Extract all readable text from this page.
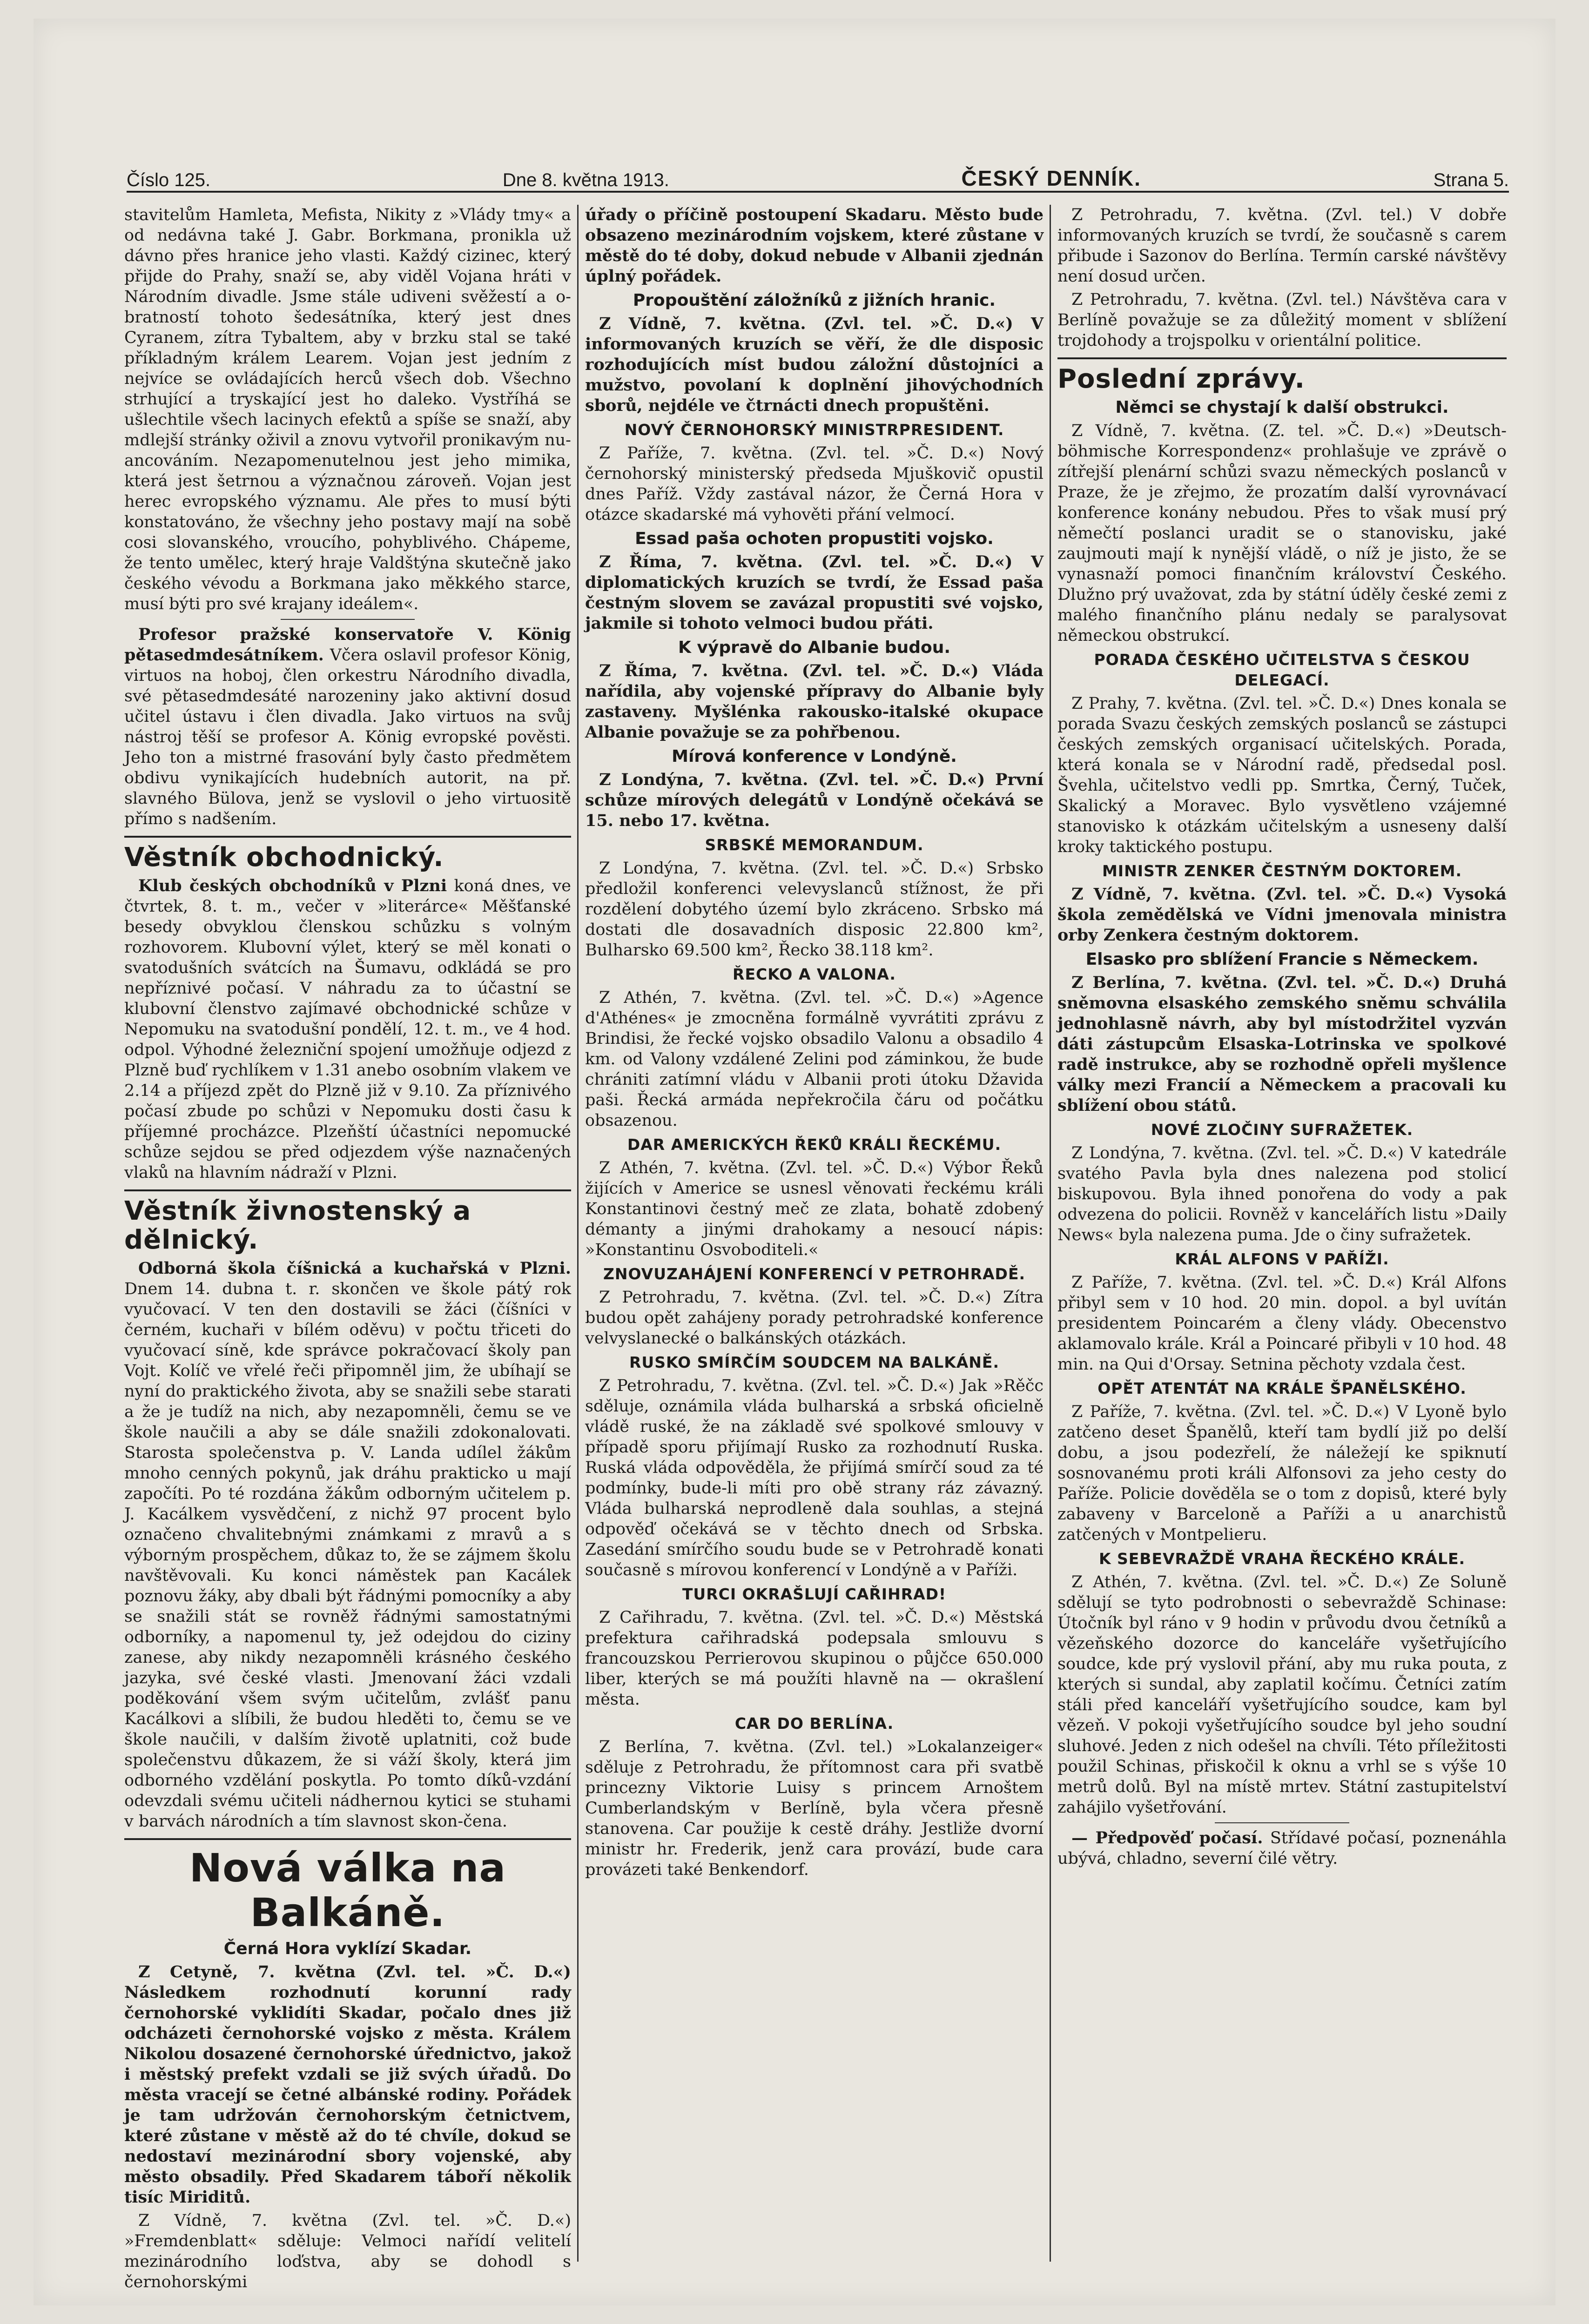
Číslo 125.	Dne 8. května 1913.	ČESKÝ DENNÍK.	Strana 5.

stavitelům Hamleta, Mefista, Nikity z »Vlády tmy« a od nedávna také J. Gabr. Borkmana, pronikla už dávno přes hranice jeho vlasti. Každý cizinec, který přijde do Prahy, snaží se, aby viděl Vojana hráti v Národním divadle. Jsme stále udiveni svěžestí a o-bratností tohoto šedesátníka, který jest dnes Cyranem, zítra Tybaltem, aby v brzku stal se také příkladným králem Learem. Vojan jest jedním z nejvíce se ovládajících herců všech dob. Všechno strhující a tryskající jest ho daleko. Vystříhá se ušlechtile všech lacinych efektů a spíše se snaží, aby mdlejší stránky oživil a znovu vytvořil pronikavým nu-ancováním. Nezapomenutelnou jest jeho mimika, která jest šetrnou a význačnou zároveň. Vojan jest herec evropského významu. Ale přes to musí býti konstatováno, že všechny jeho postavy mají na sobě cosi slovanského, vroucího, pohyblivého. Chápeme, že tento umělec, který hraje Valdštýna skutečně jako českého vévodu a Borkmana jako měkkého starce, musí býti pro své krajany ideálem«.

Profesor pražské konservatoře V. König pětasedmdesátníkem. Včera oslavil profesor König, virtuos na hoboj, člen orkestru Národního divadla, své pětasedmdesáté narozeniny jako aktivní dosud učitel ústavu i člen divadla. Jako virtuos na svůj nástroj těší se profesor A. König evropské pověsti. Jeho ton a mistrné frasování byly často předmětem obdivu vynikajících hudebních autorit, na př. slavného Bülova, jenž se vyslovil o jeho virtuositě přímo s nadšením.

Věstník obchodnický.

Klub českých obchodníků v Plzni koná dnes, ve čtvrtek, 8. t. m., večer v »literárce« Měšťanské besedy obvyklou členskou schůzku s volným rozhovorem. Klubovní výlet, který se měl konati o svatodušních svátcích na Šumavu, odkládá se pro nepříznivé počasí. V náhradu za to účastní se klubovní členstvo zajímavé obchodnické schůze v Nepomuku na svatodušní pondělí, 12. t. m., ve 4 hod. odpol. Výhodné železniční spojení umožňuje odjezd z Plzně buď rychlíkem v 1.31 anebo osobním vlakem ve 2.14 a příjezd zpět do Plzně již v 9.10. Za příznivého počasí zbude po schůzi v Nepomuku dosti času k příjemné procházce. Plzeňští účastníci nepomucké schůze sejdou se před odjezdem výše naznačených vlaků na hlavním nádraží v Plzni.

Věstník živnostenský a dělnický.

Odborná škola číšnická a kuchařská v Plzni. Dnem 14. dubna t. r. skončen ve škole pátý rok vyučovací. V ten den dostavili se žáci (číšníci v černém, kuchaři v bílém oděvu) v počtu třiceti do vyučovací síně, kde správce pokračovací školy pan Vojt. Kolíč ve vřelé řeči připomněl jim, že ubíhají se nyní do praktického života, aby se snažili sebe starati a že je tudíž na nich, aby nezapomněli, čemu se ve škole naučili a aby se dále snažili zdokonalovati. Starosta společenstva p. V. Landa udílel žákům mnoho cenných pokynů, jak dráhu prakticko u mají započíti. Po té rozdána žákům odborným učitelem p. J. Kacálkem vysvědčení, z nichž 97 procent bylo označeno chvalitebnými známkami z mravů a s výborným prospěchem, důkaz to, že se zájmem školu navštěvovali. Ku konci náměstek pan Kacálek poznovu žáky, aby dbali být řádnými pomocníky a aby se snažili stát se rovněž řádnými samostatnými odborníky, a napomenul ty, jež odejdou do ciziny zanese, aby nikdy nezapomněli krásného českého jazyka, své české vlasti. Jmenovaní žáci vzdali poděkování všem svým učitelům, zvlášť panu Kacálkovi a slíbili, že budou hleděti to, čemu se ve škole naučili, v dalším životě uplatniti, což bude společenstvu důkazem, že si váží školy, která jim odborného vzdělání poskytla. Po tomto díků-vzdání odevzdali svému učiteli nádhernou kytici se stuhami v barvách národních a tím slavnost skon-čena.

Nová válka na Balkáně.
Černá Hora vyklízí Skadar.

Z Cetyně, 7. května (Zvl. tel. »Č. D.«) Následkem rozhodnutí korunní rady černohorské vyklidíti Skadar, počalo dnes již odcházeti černohorské vojsko z města. Králem Nikolou dosazené černohorské úřednictvo, jakož i městský prefekt vzdali se již svých úřadů. Do města vracejí se četné albánské rodiny. Pořádek je tam udržován černohorským četnictvem, které zůstane v městě až do té chvíle, dokud se nedostaví mezinárodní sbory vojenské, aby město obsadily. Před Skadarem táboří několik tisíc Miriditů.

Z Vídně, 7. května (Zvl. tel. »Č. D.«) »Fremdenblatt« sděluje: Velmoci nařídí velitelí mezinárodního loďstva, aby se dohodl s černohorskými

úřady o příčině postoupení Skadaru. Město bude obsazeno mezinárodním vojskem, které zůstane v městě do té doby, dokud nebude v Albanii zjednán úplný pořádek.

Propouštění záložníků z jižních hranic.

Z Vídně, 7. května. (Zvl. tel. »Č. D.«) V informovaných kruzích se věří, že dle disposic rozhodujících míst budou záložní důstojníci a mužstvo, povolaní k doplnění jihovýchodních sborů, nejdéle ve čtrnácti dnech propuštěni.

NOVÝ ČERNOHORSKÝ MINISTRPRESIDENT.

Z Paříže, 7. května. (Zvl. tel. »Č. D.«) Nový černohorský ministerský předseda Mjuškovič opustil dnes Paříž. Vždy zastával názor, že Černá Hora v otázce skadarské má vyhověti přání velmocí.

Essad paša ochoten propustiti vojsko.

Z Říma, 7. května. (Zvl. tel. »Č. D.«) V diplomatických kruzích se tvrdí, že Essad paša čestným slovem se zavázal propustiti své vojsko, jakmile si tohoto velmoci budou přáti.

K výpravě do Albanie budou.

Z Říma, 7. května. (Zvl. tel. »Č. D.«) Vláda nařídila, aby vojenské přípravy do Albanie byly zastaveny. Myšlénka rakousko-italské okupace Albanie považuje se za pohřbenou.

Mírová konference v Londýně.

Z Londýna, 7. května. (Zvl. tel. »Č. D.«) První schůze mírových delegátů v Londýně očekává se 15. nebo 17. května.

SRBSKÉ MEMORANDUM.

Z Londýna, 7. května. (Zvl. tel. »Č. D.«) Srbsko předložil konferenci velevyslanců stížnost, že při rozdělení dobytého území bylo zkráceno. Srbsko má dostati dle dosavadních disposic 22.800 km², Bulharsko 69.500 km², Řecko 38.118 km².

ŘECKO A VALONA.

Z Athén, 7. května. (Zvl. tel. »Č. D.«) »Agence d'Athénes« je zmocněna formálně vyvrátiti zprávu z Brindisi, že řecké vojsko obsadilo Valonu a obsadilo 4 km. od Valony vzdálené Zelini pod záminkou, že bude chrániti zatímní vládu v Albanii proti útoku Džavida paši. Řecká armáda nepřekročila čáru od počátku obsazenou.

DAR AMERICKÝCH ŘEKŮ KRÁLI ŘECKÉMU.

Z Athén, 7. května. (Zvl. tel. »Č. D.«) Výbor Řeků žijících v Americe se usnesl věnovati řeckému králi Konstantinovi čestný meč ze zlata, bohatě zdobený démanty a jinými drahokamy a nesoucí nápis: »Konstantinu Osvoboditeli.«

ZNOVUZAHÁJENÍ KONFERENCÍ V PETROHRADĚ.

Z Petrohradu, 7. května. (Zvl. tel. »Č. D.«) Zítra budou opět zahájeny porady petrohradské konference velvyslanecké o balkánských otázkách.

RUSKO SMÍRČÍM SOUDCEM NA BALKÁNĚ.

Z Petrohradu, 7. května. (Zvl. tel. »Č. D.«) Jak »Rěčc sděluje, oznámila vláda bulharská a srbská oficielně vládě ruské, že na základě své spolkové smlouvy v případě sporu přijímají Rusko za rozhodnutí Ruska. Ruská vláda odpověděla, že přijímá smírčí soud za té podmínky, bude-li míti pro obě strany ráz závazný. Vláda bulharská neprodleně dala souhlas, a stejná odpověď očekává se v těchto dnech od Srbska. Zasedání smírčího soudu bude se v Petrohradě konati současně s mírovou konferencí v Londýně a v Paříži.

TURCI OKRAŠLUJÍ CAŘIHRAD!

Z Cařihradu, 7. května. (Zvl. tel. »Č. D.«) Městská prefektura cařihradská podepsala smlouvu s francouzskou Perrierovou skupinou o půjčce 650.000 liber, kterých se má použíti hlavně na — okrašlení města.

CAR DO BERLÍNA.

Z Berlína, 7. května. (Zvl. tel.) »Lokalanzeiger« sděluje z Petrohradu, že přítomnost cara při svatbě princezny Viktorie Luisy s princem Arnoštem Cumberlandským v Berlíně, byla včera přesně stanovena. Car použije k cestě dráhy. Jestliže dvorní ministr hr. Frederik, jenž cara provází, bude cara provázeti také Benkendorf.

Z Petrohradu, 7. května. (Zvl. tel.) V dobře informovaných kruzích se tvrdí, že současně s carem přibude i Sazonov do Berlína. Termín carské návštěvy není dosud určen.

Z Petrohradu, 7. května. (Zvl. tel.) Návštěva cara v Berlíně považuje se za důležitý moment v sblížení trojdohody a trojspolku v orientální politice.

Poslední zprávy.
Němci se chystají k další obstrukci.

Z Vídně, 7. května. (Z. tel. »Č. D.«) »Deutsch-böhmische Korrespondenz« prohlašuje ve zprávě o zítřejší plenární schůzi svazu německých poslanců v Praze, že je zřejmo, že prozatím další vyrovnávací konference konány nebudou. Přes to však musí prý němečtí poslanci uradit se o stanovisku, jaké zaujmouti mají k nynější vládě, o níž je jisto, že se vynasnaží pomoci finančním království Českého. Dlužno prý uvažovat, zda by státní úděly české zemi z malého finančního plánu nedaly se paralysovat německou obstrukcí.

PORADA ČESKÉHO UČITELSTVA S ČESKOU DELEGACÍ.

Z Prahy, 7. května. (Zvl. tel. »Č. D.«) Dnes konala se porada Svazu českých zemských poslanců se zástupci českých zemských organisací učitelských. Porada, která konala se v Národní radě, předsedal posl. Švehla, učitelstvo vedli pp. Smrtka, Černý, Tuček, Skalický a Moravec. Bylo vysvětleno vzájemné stanovisko k otázkám učitelským a usneseny další kroky taktického postupu.

MINISTR ZENKER ČESTNÝM DOKTOREM.

Z Vídně, 7. května. (Zvl. tel. »Č. D.«) Vysoká škola zemědělská ve Vídni jmenovala ministra orby Zenkera čestným doktorem.

Elsasko pro sblížení Francie s Německem.

Z Berlína, 7. května. (Zvl. tel. »Č. D.«) Druhá sněmovna elsaského zemského sněmu schválila jednohlasně návrh, aby byl místodržitel vyzván dáti zástupcům Elsaska-Lotrinska ve spolkové radě instrukce, aby se rozhodně opřeli myšlence války mezi Francií a Německem a pracovali ku sblížení obou států.

NOVÉ ZLOČINY SUFRAŽETEK.

Z Londýna, 7. května. (Zvl. tel. »Č. D.«) V katedrále svatého Pavla byla dnes nalezena pod stolicí biskupovou. Byla ihned ponořena do vody a pak odvezena do policii. Rovněž v kancelářích listu »Daily News« byla nalezena puma. Jde o činy sufražetek.

KRÁL ALFONS V PAŘÍŽI.

Z Paříže, 7. května. (Zvl. tel. »Č. D.«) Král Alfons přibyl sem v 10 hod. 20 min. dopol. a byl uvítán presidentem Poincarém a členy vlády. Obecenstvo aklamovalo krále. Král a Poincaré přibyli v 10 hod. 48 min. na Qui d'Orsay. Setnina pěchoty vzdala čest.

OPĚT ATENTÁT NA KRÁLE ŠPANĚLSKÉHO.

Z Paříže, 7. května. (Zvl. tel. »Č. D.«) V Lyoně bylo zatčeno deset Španělů, kteří tam bydlí již po delší dobu, a jsou podezřelí, že náležejí ke spiknutí sosnovanému proti králi Alfonsovi za jeho cesty do Paříže. Policie dověděla se o tom z dopisů, které byly zabaveny v Barceloně a Paříži a u anarchistů zatčených v Montpelieru.

K SEBEVRAŽDĚ VRAHA ŘECKÉHO KRÁLE.

Z Athén, 7. května. (Zvl. tel. »Č. D.«) Ze Soluně sdělují se tyto podrobnosti o sebevraždě Schinase: Útočník byl ráno v 9 hodin v průvodu dvou četníků a vězeňského dozorce do kanceláře vyšetřujícího soudce, kde prý vyslovil přání, aby mu ruka pouta, z kterých si sundal, aby zaplatil kočímu. Četníci zatím stáli před kanceláří vyšetřujícího soudce, kam byl vězeň. V pokoji vyšetřujícího soudce byl jeho soudní sluhové. Jeden z nich odešel na chvíli. Této příležitosti použil Schinas, přiskočil k oknu a vrhl se s výše 10 metrů dolů. Byl na místě mrtev. Státní zastupitelství zahájilo vyšetřování.

— Předpověď počasí. Střídavé počasí, poznenáhla ubývá, chladno, severní čilé větry.
